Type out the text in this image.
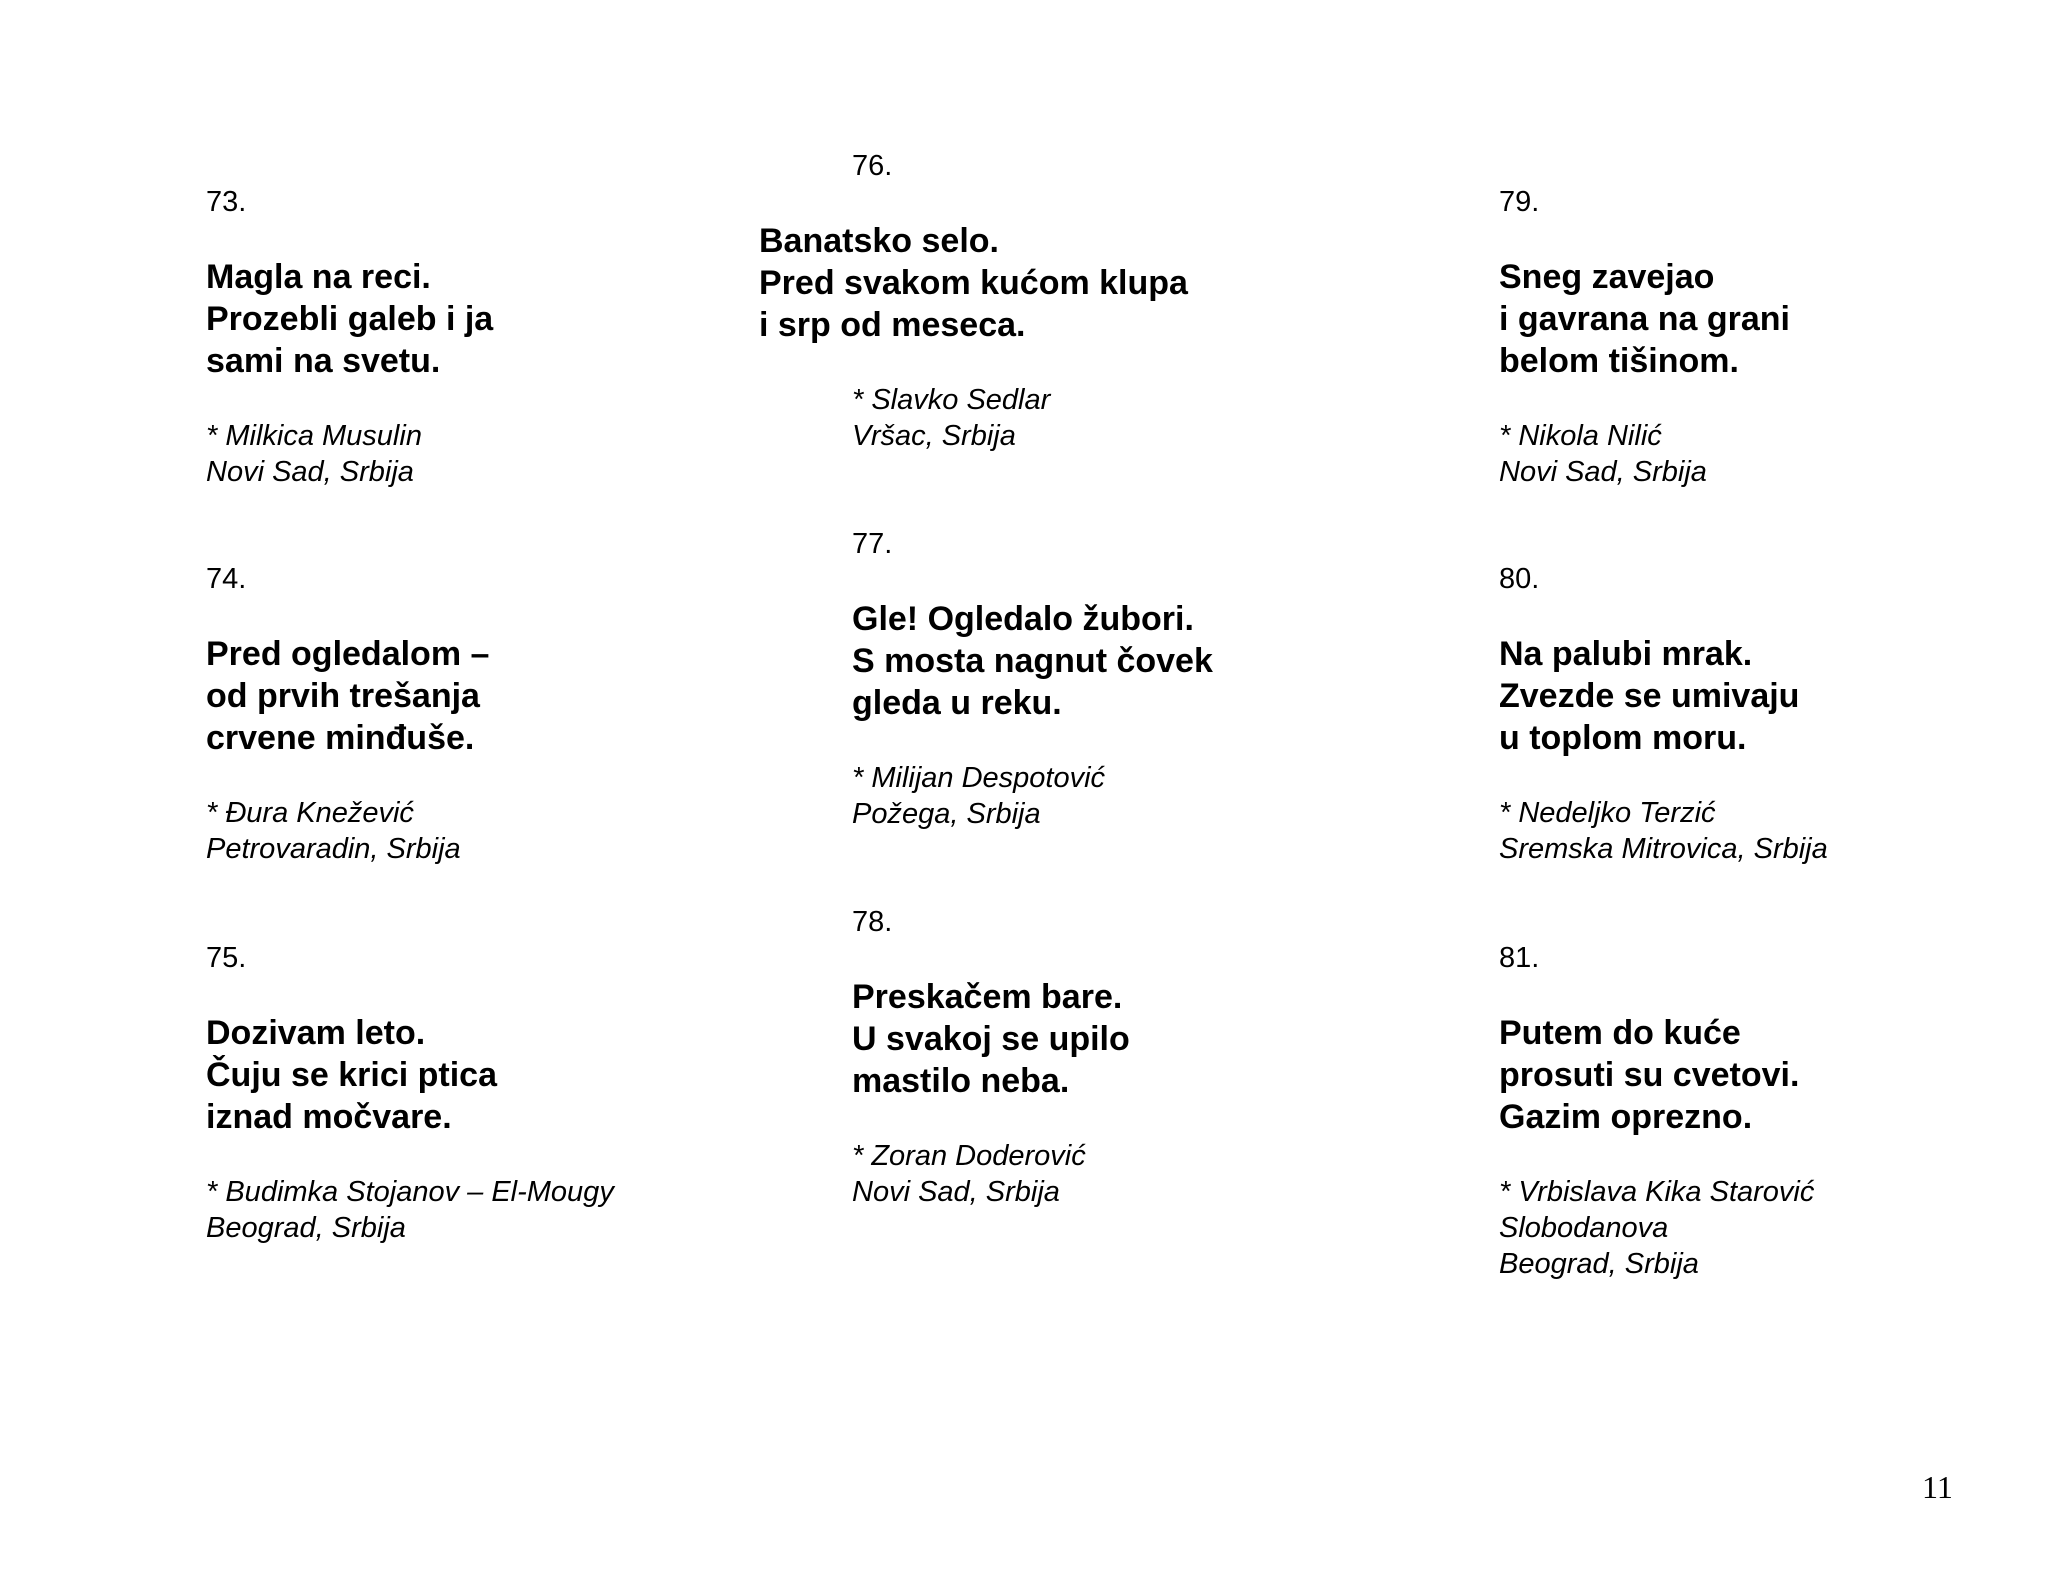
73.
Magla na reci.
Prozebli galeb i ja
sami na svetu.
* Milkica Musulin
Novi Sad, Srbija
74.
Pred ogledalom –
od prvih trešanja
crvene minđuše.
* Đura Knežević
Petrovaradin, Srbija
75.
Dozivam leto.
Čuju se krici ptica
iznad močvare.
* Budimka Stojanov – El-Mougy
Beograd, Srbija
76.
Banatsko selo.
Pred svakom kućom klupa
i srp od meseca.
* Slavko Sedlar
Vršac, Srbija
77.
Gle! Ogledalo žubori.
S mosta nagnut čovek
gleda u reku.
* Milijan Despotović
Požega, Srbija
78.
Preskačem bare.
U svakoj se upilo
mastilo neba.
* Zoran Doderović
Novi Sad, Srbija
79.
Sneg zavejao
i gavrana na grani
belom tišinom.
* Nikola Nilić
Novi Sad, Srbija
80.
Na palubi mrak.
Zvezde se umivaju
u toplom moru.
* Nedeljko Terzić
Sremska Mitrovica, Srbija
81.
Putem do kuće
prosuti su cvetovi.
Gazim oprezno.
* Vrbislava Kika Starović
Slobodanova
Beograd, Srbija
11
